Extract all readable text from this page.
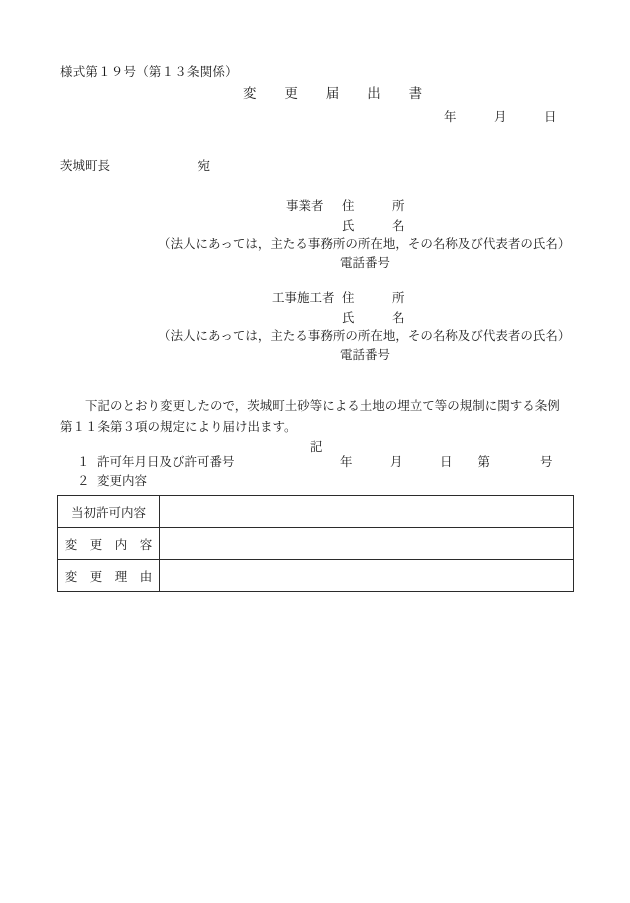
様式第１９号（第１３条関係）
変　　更　　届　　出　　書
年　　　月　　　日
茨城町長　　　　　　　宛
事業者 住　　　所
氏　　　名
（法人にあっては，主たる事務所の所在地，その名称及び代表者の氏名）
電話番号
工事施工者 住　　　所
氏　　　名
（法人にあっては，主たる事務所の所在地，その名称及び代表者の氏名）
電話番号
　　下記のとおり変更したので，茨城町土砂等による土地の埋立て等の規制に関する条例
第１１条第３項の規定により届け出ます。
記
１ 許可年月日及び許可番号	年　　　月　　　日　　第　　　　号
２ 変更内容
当初許可内容	
変　更　内　容	
変　更　理　由	
